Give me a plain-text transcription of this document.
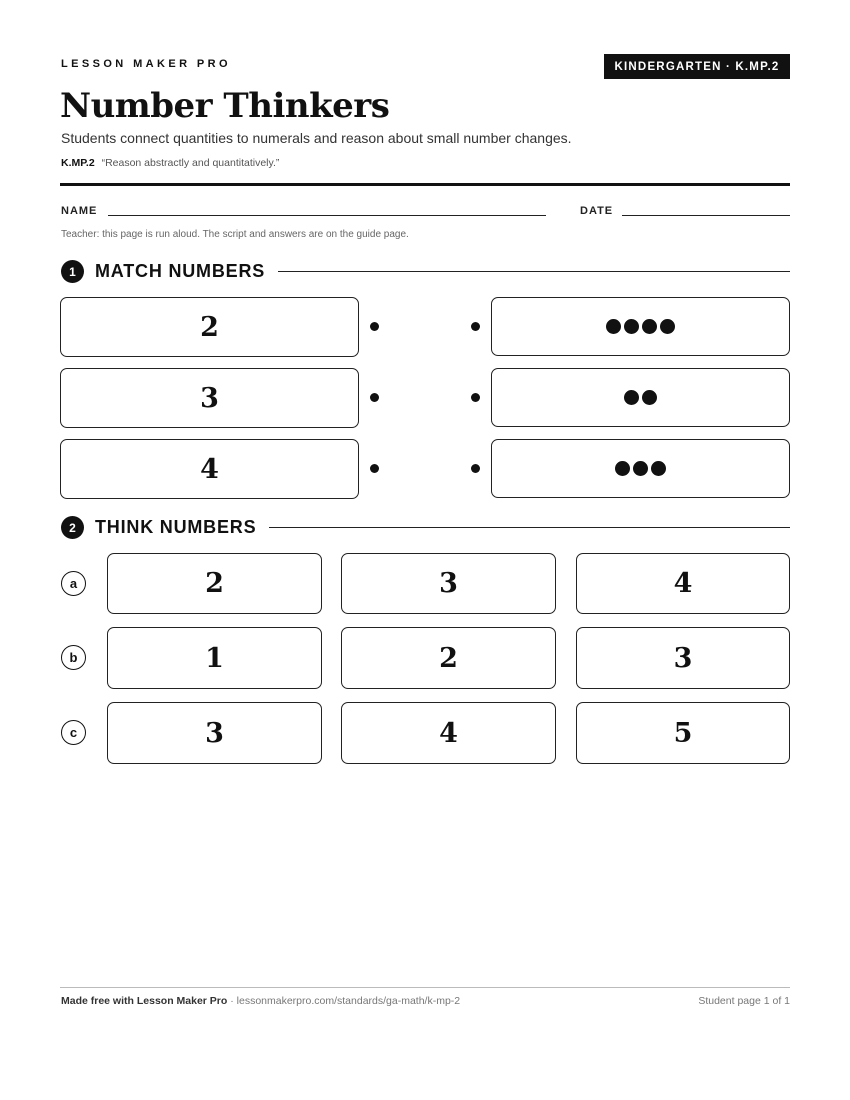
LESSON MAKER PRO	KINDERGARTEN · K.MP.2
Number Thinkers
Students connect quantities to numerals and reason about small number changes.
K.MP.2 “Reason abstractly and quantitatively.”
NAME	DATE
Teacher: this page is run aloud. The script and answers are on the guide page.
1	MATCH NUMBERS
2
3
4
2	THINK NUMBERS
a	2	3	4
b	1	2	3
c	3	4	5
Made free with Lesson Maker Pro · lessonmakerpro.com/standards/ga-math/k-mp-2	Student page 1 of 1
